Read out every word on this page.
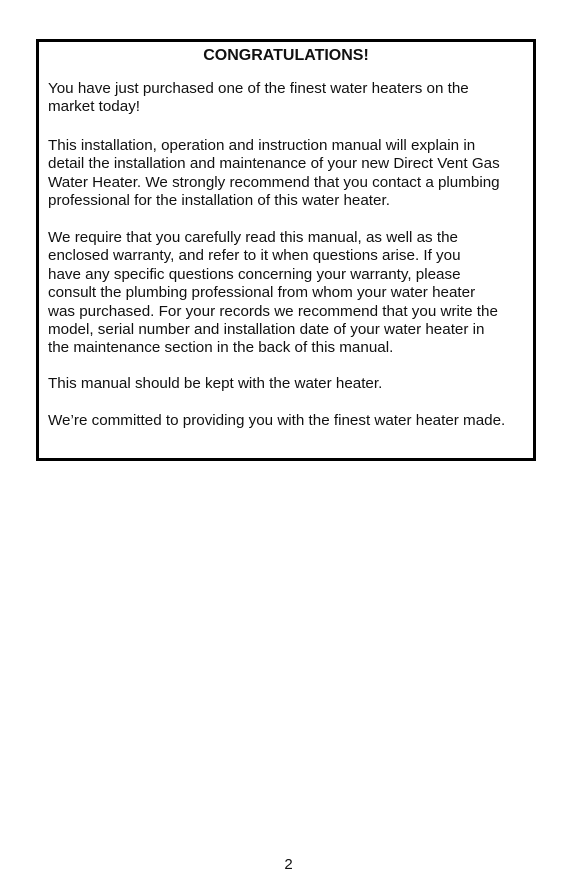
CONGRATULATIONS!

You have just purchased one of the finest water heaters on the
market today!

This installation, operation and instruction manual will explain in
detail the installation and maintenance of your new Direct Vent Gas
Water Heater. We strongly recommend that you contact a plumbing
professional for the installation of this water heater.

We require that you carefully read this manual, as well as the
enclosed warranty, and refer to it when questions arise. If you
have any specific questions concerning your warranty, please
consult the plumbing professional from whom your water heater
was purchased. For your records we recommend that you write the
model, serial number and installation date of your water heater in
the maintenance section in the back of this manual.

This manual should be kept with the water heater.

We’re committed to providing you with the finest water heater made.

2
